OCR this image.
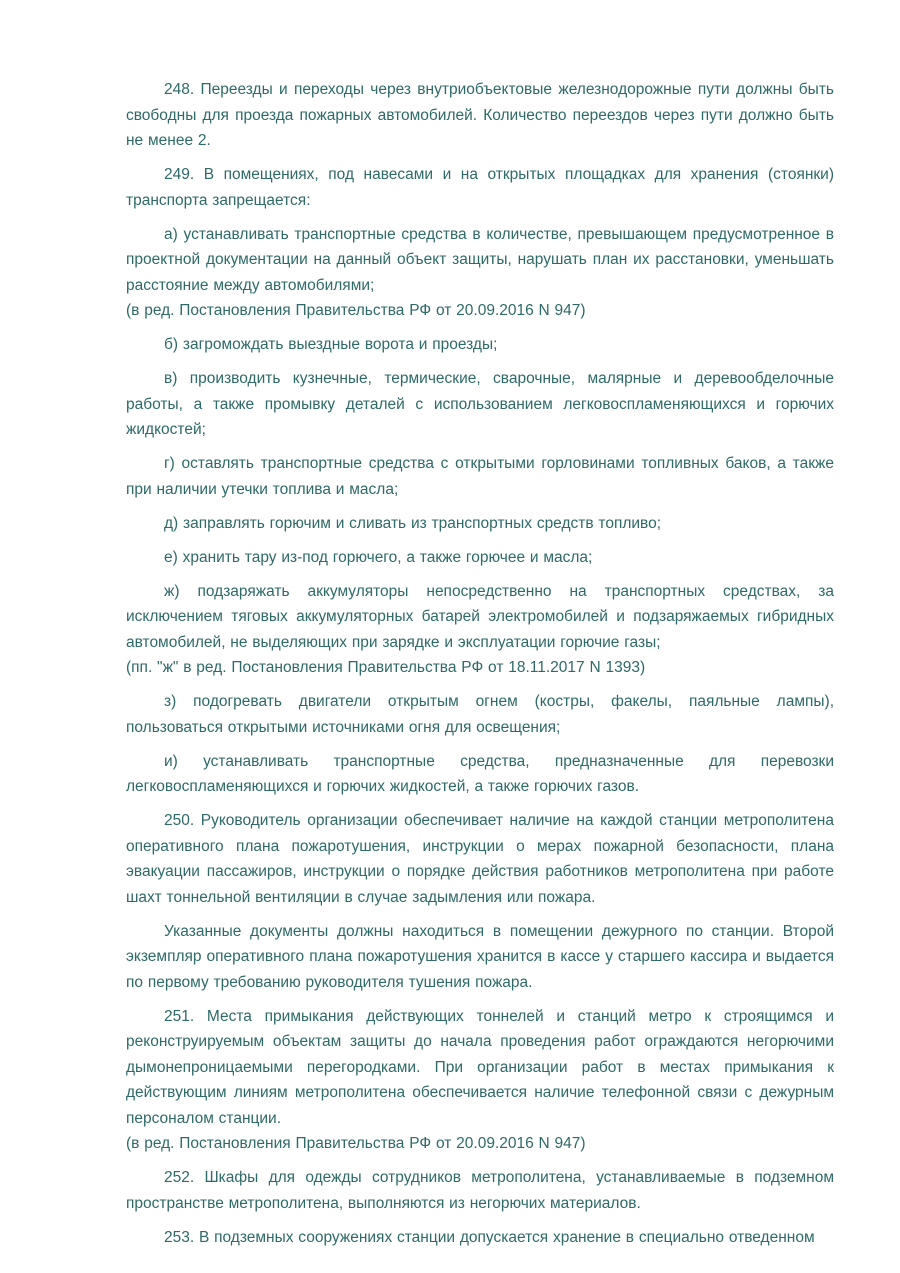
248. Переезды и переходы через внутриобъектовые железнодорожные пути должны быть свободны для проезда пожарных автомобилей. Количество переездов через пути должно быть не менее 2.

249. В помещениях, под навесами и на открытых площадках для хранения (стоянки) транспорта запрещается:

а) устанавливать транспортные средства в количестве, превышающем предусмотренное в проектной документации на данный объект защиты, нарушать план их расстановки, уменьшать расстояние между автомобилями;

(в ред. Постановления Правительства РФ от 20.09.2016 N 947)

б) загромождать выездные ворота и проезды;

в) производить кузнечные, термические, сварочные, малярные и деревообделочные работы, а также промывку деталей с использованием легковоспламеняющихся и горючих жидкостей;

г) оставлять транспортные средства с открытыми горловинами топливных баков, а также при наличии утечки топлива и масла;

д) заправлять горючим и сливать из транспортных средств топливо;

е) хранить тару из-под горючего, а также горючее и масла;

ж) подзаряжать аккумуляторы непосредственно на транспортных средствах, за исключением тяговых аккумуляторных батарей электромобилей и подзаряжаемых гибридных автомобилей, не выделяющих при зарядке и эксплуатации горючие газы;

(пп. "ж" в ред. Постановления Правительства РФ от 18.11.2017 N 1393)

з) подогревать двигатели открытым огнем (костры, факелы, паяльные лампы), пользоваться открытыми источниками огня для освещения;

и) устанавливать транспортные средства, предназначенные для перевозки легковоспламеняющихся и горючих жидкостей, а также горючих газов.

250. Руководитель организации обеспечивает наличие на каждой станции метрополитена оперативного плана пожаротушения, инструкции о мерах пожарной безопасности, плана эвакуации пассажиров, инструкции о порядке действия работников метрополитена при работе шахт тоннельной вентиляции в случае задымления или пожара.

Указанные документы должны находиться в помещении дежурного по станции. Второй экземпляр оперативного плана пожаротушения хранится в кассе у старшего кассира и выдается по первому требованию руководителя тушения пожара.

251. Места примыкания действующих тоннелей и станций метро к строящимся и реконструируемым объектам защиты до начала проведения работ ограждаются негорючими дымонепроницаемыми перегородками. При организации работ в местах примыкания к действующим линиям метрополитена обеспечивается наличие телефонной связи с дежурным персоналом станции.

(в ред. Постановления Правительства РФ от 20.09.2016 N 947)

252. Шкафы для одежды сотрудников метрополитена, устанавливаемые в подземном пространстве метрополитена, выполняются из негорючих материалов.

253. В подземных сооружениях станции допускается хранение в специально отведенном
